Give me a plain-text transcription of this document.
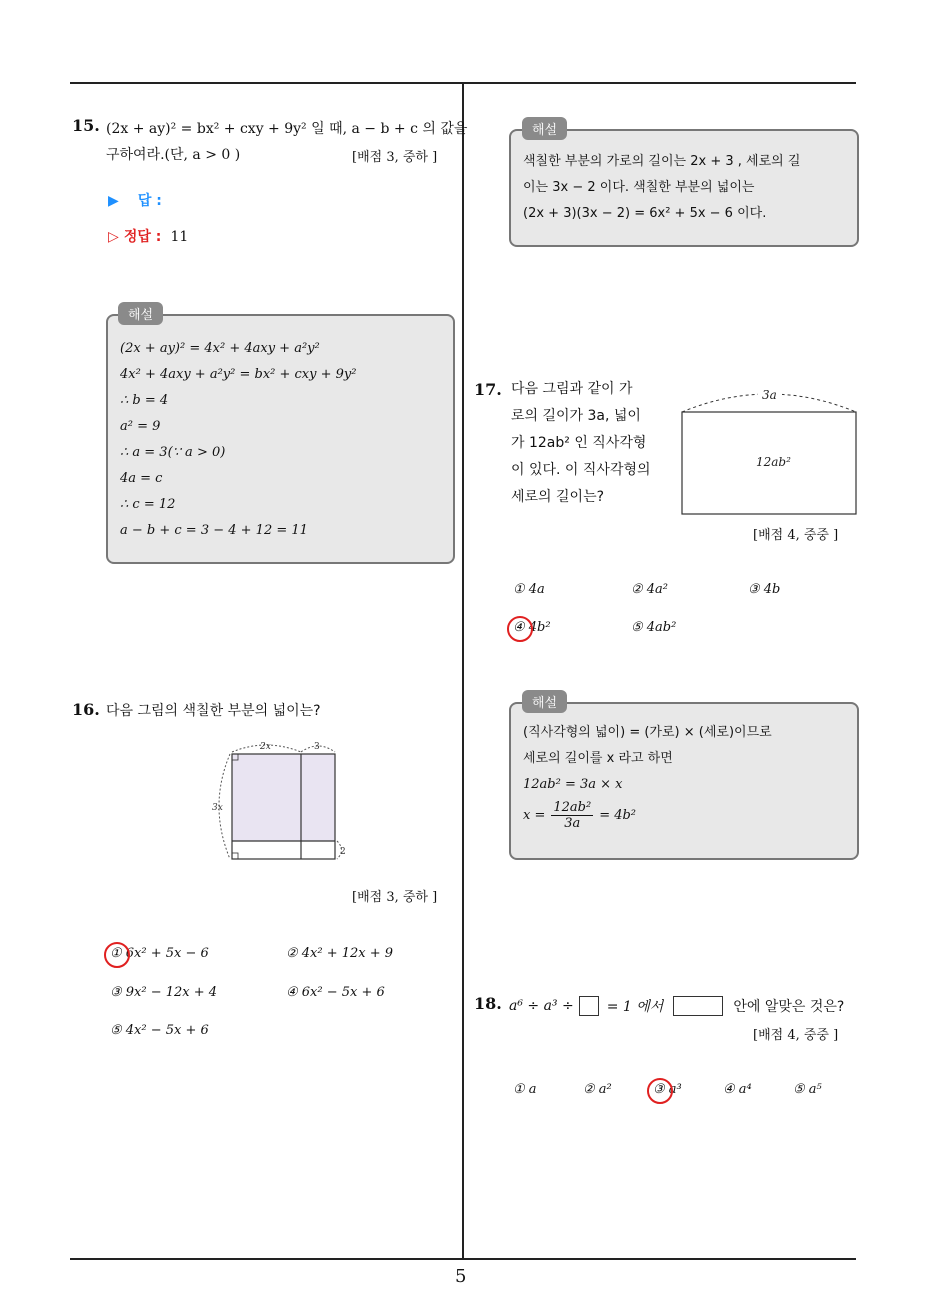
5
15. (2x + ay)² = bx² + cxy + 9y² 일 때, a − b + c 의 값을
구하여라.(단, a > 0 )	[배점 3, 중하 ]
▶ 답 :
▷ 정답 : 11
(2x + ay)² = 4x² + 4axy + a²y²
4x² + 4axy + a²y² = bx² + cxy + 9y²
∴ b = 4
a² = 9
∴ a = 3(∵ a > 0)
4a = c
∴ c = 12
a − b + c = 3 − 4 + 12 = 11
해설
16. 다음 그림의 색칠한 부분의 넓이는?
2x	3
3x
2
[배점 3, 중하 ]
① 6x² + 5x − 6	② 4x² + 12x + 9
③ 9x² − 12x + 4	④ 6x² − 5x + 6
⑤ 4x² − 5x + 6
색칠한 부분의 가로의 길이는 2x + 3 , 세로의 길
이는 3x − 2 이다. 색칠한 부분의 넓이는
(2x + 3)(3x − 2) = 6x² + 5x − 6 이다.
해설
17. 다음 그림과 같이 가
로의 길이가 3a, 넓이
가 12ab² 인 직사각형
이 있다. 이 직사각형의
세로의 길이는?
3a
12ab²
[배점 4, 중중 ]
① 4a	② 4a²	③ 4b
④ 4b²	⑤ 4ab²
(직사각형의 넓이) = (가로) × (세로)이므로
세로의 길이를 x 라고 하면
12ab² = 3a × x
$x = \frac{\text{12ab²}}{3a} = 4b^2$
해설
18. a⁶ ÷ a³ ÷ = 1 에서	안에 알맞은 것은?
[배점 4, 중중 ]
① a	② a²	③ a³	④ a⁴	⑤ a⁵
